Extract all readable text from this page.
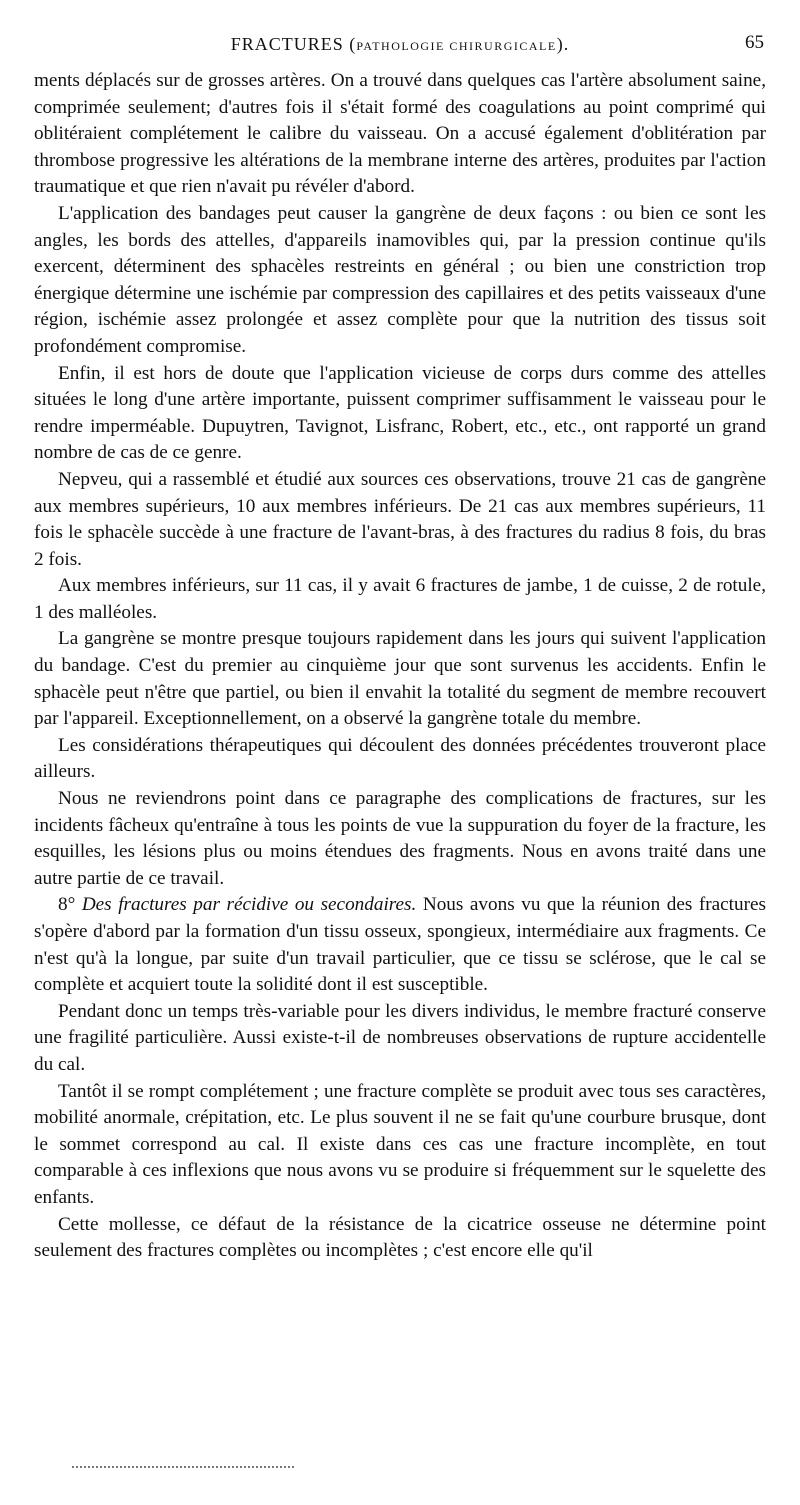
FRACTURES (PATHOLOGIE CHIRURGICALE).	65

ments déplacés sur de grosses artères. On a trouvé dans quelques cas l'artère absolument saine, comprimée seulement; d'autres fois il s'était formé des coagulations au point comprimé qui oblitéraient complétement le calibre du vaisseau. On a accusé également d'oblitération par thrombose progressive les altérations de la membrane interne des artères, produites par l'action traumatique et que rien n'avait pu révéler d'abord.

L'application des bandages peut causer la gangrène de deux façons : ou bien ce sont les angles, les bords des attelles, d'appareils inamovibles qui, par la pression continue qu'ils exercent, déterminent des sphacèles restreints en général ; ou bien une constriction trop énergique détermine une ischémie par compression des capillaires et des petits vaisseaux d'une région, ischémie assez prolongée et assez complète pour que la nutrition des tissus soit profondément compromise.

Enfin, il est hors de doute que l'application vicieuse de corps durs comme des attelles situées le long d'une artère importante, puissent comprimer suffisamment le vaisseau pour le rendre imperméable. Dupuytren, Tavignot, Lisfranc, Robert, etc., etc., ont rapporté un grand nombre de cas de ce genre.

Nepveu, qui a rassemblé et étudié aux sources ces observations, trouve 21 cas de gangrène aux membres supérieurs, 10 aux membres inférieurs. De 21 cas aux membres supérieurs, 11 fois le sphacèle succède à une fracture de l'avant-bras, à des fractures du radius 8 fois, du bras 2 fois.

Aux membres inférieurs, sur 11 cas, il y avait 6 fractures de jambe, 1 de cuisse, 2 de rotule, 1 des malléoles.

La gangrène se montre presque toujours rapidement dans les jours qui suivent l'application du bandage. C'est du premier au cinquième jour que sont survenus les accidents. Enfin le sphacèle peut n'être que partiel, ou bien il envahit la totalité du segment de membre recouvert par l'appareil. Exceptionnellement, on a observé la gangrène totale du membre.

Les considérations thérapeutiques qui découlent des données précédentes trouveront place ailleurs.

Nous ne reviendrons point dans ce paragraphe des complications de fractures, sur les incidents fâcheux qu'entraîne à tous les points de vue la suppuration du foyer de la fracture, les esquilles, les lésions plus ou moins étendues des fragments. Nous en avons traité dans une autre partie de ce travail.

8° Des fractures par récidive ou secondaires. Nous avons vu que la réunion des fractures s'opère d'abord par la formation d'un tissu osseux, spongieux, intermédiaire aux fragments. Ce n'est qu'à la longue, par suite d'un travail particulier, que ce tissu se sclérose, que le cal se complète et acquiert toute la solidité dont il est susceptible.

Pendant donc un temps très-variable pour les divers individus, le membre fracturé conserve une fragilité particulière. Aussi existe-t-il de nombreuses observations de rupture accidentelle du cal.

Tantôt il se rompt complétement ; une fracture complète se produit avec tous ses caractères, mobilité anormale, crépitation, etc. Le plus souvent il ne se fait qu'une courbure brusque, dont le sommet correspond au cal. Il existe dans ces cas une fracture incomplète, en tout comparable à ces inflexions que nous avons vu se produire si fréquemment sur le squelette des enfants.

Cette mollesse, ce défaut de la résistance de la cicatrice osseuse ne détermine point seulement des fractures complètes ou incomplètes ; c'est encore elle qu'il
